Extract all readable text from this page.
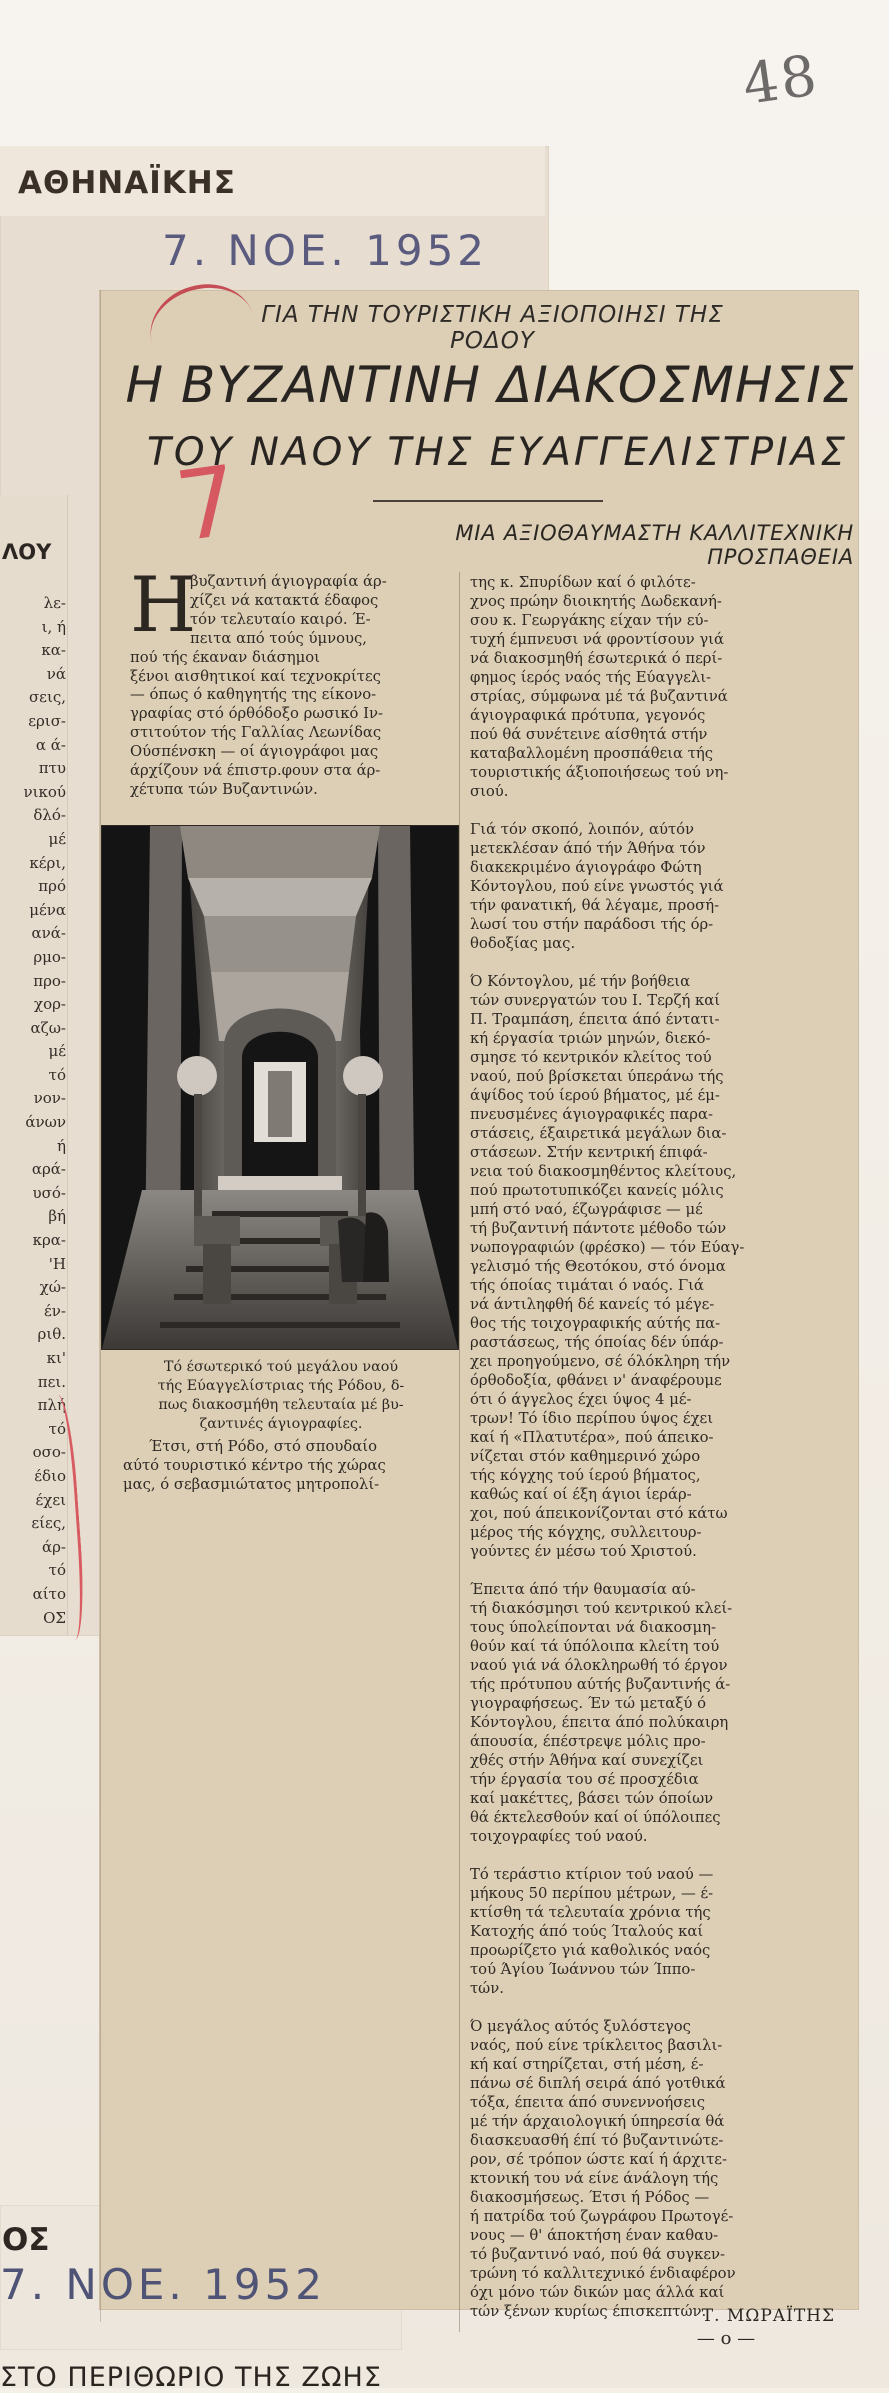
48
ΑΘΗΝΑΪΚΗΣ
7. ΝΟΕ. 1952
ΛΟΥ
λε-
ι, ή
κα-
νά
σεις,
ερισ-
α ά-
πτυ
νικού
δλό-
μέ
κέρι,
πρό
μένα
ανά-
ρμο-
προ-
χορ-
αζω-
μέ
τό
νον-
άνων
ή
αρά-
υσό-
βή
κρα-
'Η
χώ-
έν-
ριθ.
κι'
πει.
πλή
τό
οσο-
έδιο
έχει
είες,
άρ-
τό
αίτο
ΟΣ
7
ΓΙΑ ΤΗΝ ΤΟΥΡΙΣΤΙΚΗ ΑΞΙΟΠΟΙΗΣΙ ΤΗΣ ΡΟΔΟΥ
Η ΒΥΖΑΝΤΙΝΗ ΔΙΑΚΟΣΜΗΣΙΣ
ΤΟΥ ΝΑΟΥ ΤΗΣ ΕΥΑΓΓΕΛΙΣΤΡΙΑΣ
ΜΙΑ ΑΞΙΟΘΑΥΜΑΣΤΗ ΚΑΛΛΙΤΕΧΝΙΚΗ ΠΡΟΣΠΑΘΕΙΑ
Η

βυζαντινή άγιογραφία άρ-
χίζει νά κατακτά έδαφος
τόν τελευταίο καιρό. Έ-
πειτα από τούς ύμνους,
πού τής έκαναν διάσημοι
ξένοι αισθητικοί καί τεχνοκρίτες
— όπως ό καθηγητής της είκονο-
γραφίας στό όρθόδοξο ρωσικό Ιν-
στιτούτον τής Γαλλίας Λεωνίδας
Ούσπένσκη — οί άγιογράφοι μας
άρχίζουν νά έπιστρ.φουν στα άρ-
χέτυπα τών Βυζαντινών.

Τό έσωτερικό τού μεγάλου ναού
τής Εύαγγελίστριας τής Ρόδου, δ-
πως διακοσμήθη τελευταία μέ βυ-
ζαντινές άγιογραφίες.
Έτσι, στή Ρόδο, στό σπουδαίο
αύτό τουριστικό κέντρο τής χώρας
μας, ό σεβασμιώτατος μητροπολί-
της κ. Σπυρίδων καί ό φιλότε-
χνος πρώην διοικητής Δωδεκανή-
σου κ. Γεωργάκης είχαν τήν εύ-
τυχή έμπνευσι νά φροντίσουν γιά
νά διακοσμηθή έσωτερικά ό περί-
φημος ίερός ναός τής Εύαγγελι-
στρίας, σύμφωνα μέ τά βυζαντινά
άγιογραφικά πρότυπα, γεγονός
πού θά συνέτεινε αίσθητά στήν
καταβαλλομένη προσπάθεια τής
τουριστικής άξιοποιήσεως τού νη-
σιού.

Γιά τόν σκοπό, λοιπόν, αύτόν
μετεκλέσαν άπό τήν Άθήνα τόν
διακεκριμένο άγιογράφο Φώτη
Κόντογλου, πού είνε γνωστός γιά
τήν φανατική, θά λέγαμε, προσή-
λωσί του στήν παράδοσι τής όρ-
θοδοξίας μας.

Ό Κόντογλου, μέ τήν βοήθεια
τών συνεργατών του Ι. Τερζή καί
Π. Τραμπάση, έπειτα άπό έντατι-
κή έργασία τριών μηνών, διεκό-
σμησε τό κεντρικόν κλείτος τού
ναού, πού βρίσκεται ύπεράνω τής
άψίδος τού ίερού βήματος, μέ έμ-
πνευσμένες άγιογραφικές παρα-
στάσεις, έξαιρετικά μεγάλων δια-
στάσεων. Στήν κεντρική έπιφά-
νεια τού διακοσμηθέντος κλείτους,
πού πρωτοτυπικόζει κανείς μόλις
μπή στό ναό, έζωγράφισε — μέ
τή βυζαντινή πάντοτε μέθοδο τών
νωπογραφιών (φρέσκο) — τόν Εύαγ-
γελισμό τής Θεοτόκου, στό όνομα
τής όποίας τιμάται ό ναός. Γιά
νά άντιληφθή δέ κανείς τό μέγε-
θος τής τοιχογραφικής αύτής πα-
ραστάσεως, τής όποίας δέν ύπάρ-
χει προηγούμενο, σέ όλόκληρη τήν
όρθοδοξία, φθάνει ν' άναφέρουμε
ότι ό άγγελος έχει ύψος 4 μέ-
τρων! Τό ίδιο περίπου ύψος έχει
καί ή «Πλατυτέρα», πού άπεικο-
νίζεται στόν καθημερινό χώρο
τής κόγχης τού ίερού βήματος,
καθώς καί οί έξη άγιοι ίεράρ-
χοι, πού άπεικονίζονται στό κάτω
μέρος τής κόγχης, συλλειτουρ-
γούντες έν μέσω τού Χριστού.

Έπειτα άπό τήν θαυμασία αύ-
τή διακόσμησι τού κεντρικού κλεί-
τους ύπολείπονται νά διακοσμη-
θούν καί τά ύπόλοιπα κλείτη τού
ναού γιά νά όλοκληρωθή τό έργον
τής πρότυπου αύτής βυζαντινής ά-
γιογραφήσεως. Έν τώ μεταξύ ό
Κόντογλου, έπειτα άπό πολύκαιρη
άπουσία, έπέστρεψε μόλις προ-
χθές στήν Άθήνα καί συνεχίζει
τήν έργασία του σέ προσχέδια
καί μακέττες, βάσει τών όποίων
θά έκτελεσθούν καί οί ύπόλοιπες
τοιχογραφίες τού ναού.

Τό τεράστιο κτίριον τού ναού —
μήκους 50 περίπου μέτρων, — έ-
κτίσθη τά τελευταία χρόνια τής
Κατοχής άπό τούς Ίταλούς καί
προωρίζετο γιά καθολικός ναός
τού Άγίου Ίωάννου τών Ίππο-
τών.

Ό μεγάλος αύτός ξυλόστεγος
ναός, πού είνε τρίκλειτος βασιλι-
κή καί στηρίζεται, στή μέση, έ-
πάνω σέ διπλή σειρά άπό γοτθικά
τόξα, έπειτα άπό συνεννοήσεις
μέ τήν άρχαιολογική ύπηρεσία θά
διασκευασθή έπί τό βυζαντινώτε-
ρον, σέ τρόπον ώστε καί ή άρχιτε-
κτονική του νά είνε άνάλογη τής
διακοσμήσεως. Έτσι ή Ρόδος —
ή πατρίδα τού ζωγράφου Πρωτογέ-
νους — θ' άποκτήση έναν καθαυ-
τό βυζαντινό ναό, πού θά συγκεν-
τρώνη τό καλλιτεχνικό ένδιαφέρον
όχι μόνο τών δικών μας άλλά καί
τών ξένων κυρίως έπισκεπτών.
Τ. ΜΩΡΑΪΤΗΣ
— ο —
ΟΣ
7. ΝΟΕ. 1952
ΣΤΟ ΠΕΡΙΘΩΡΙΟ ΤΗΣ ΖΩΗΣ
